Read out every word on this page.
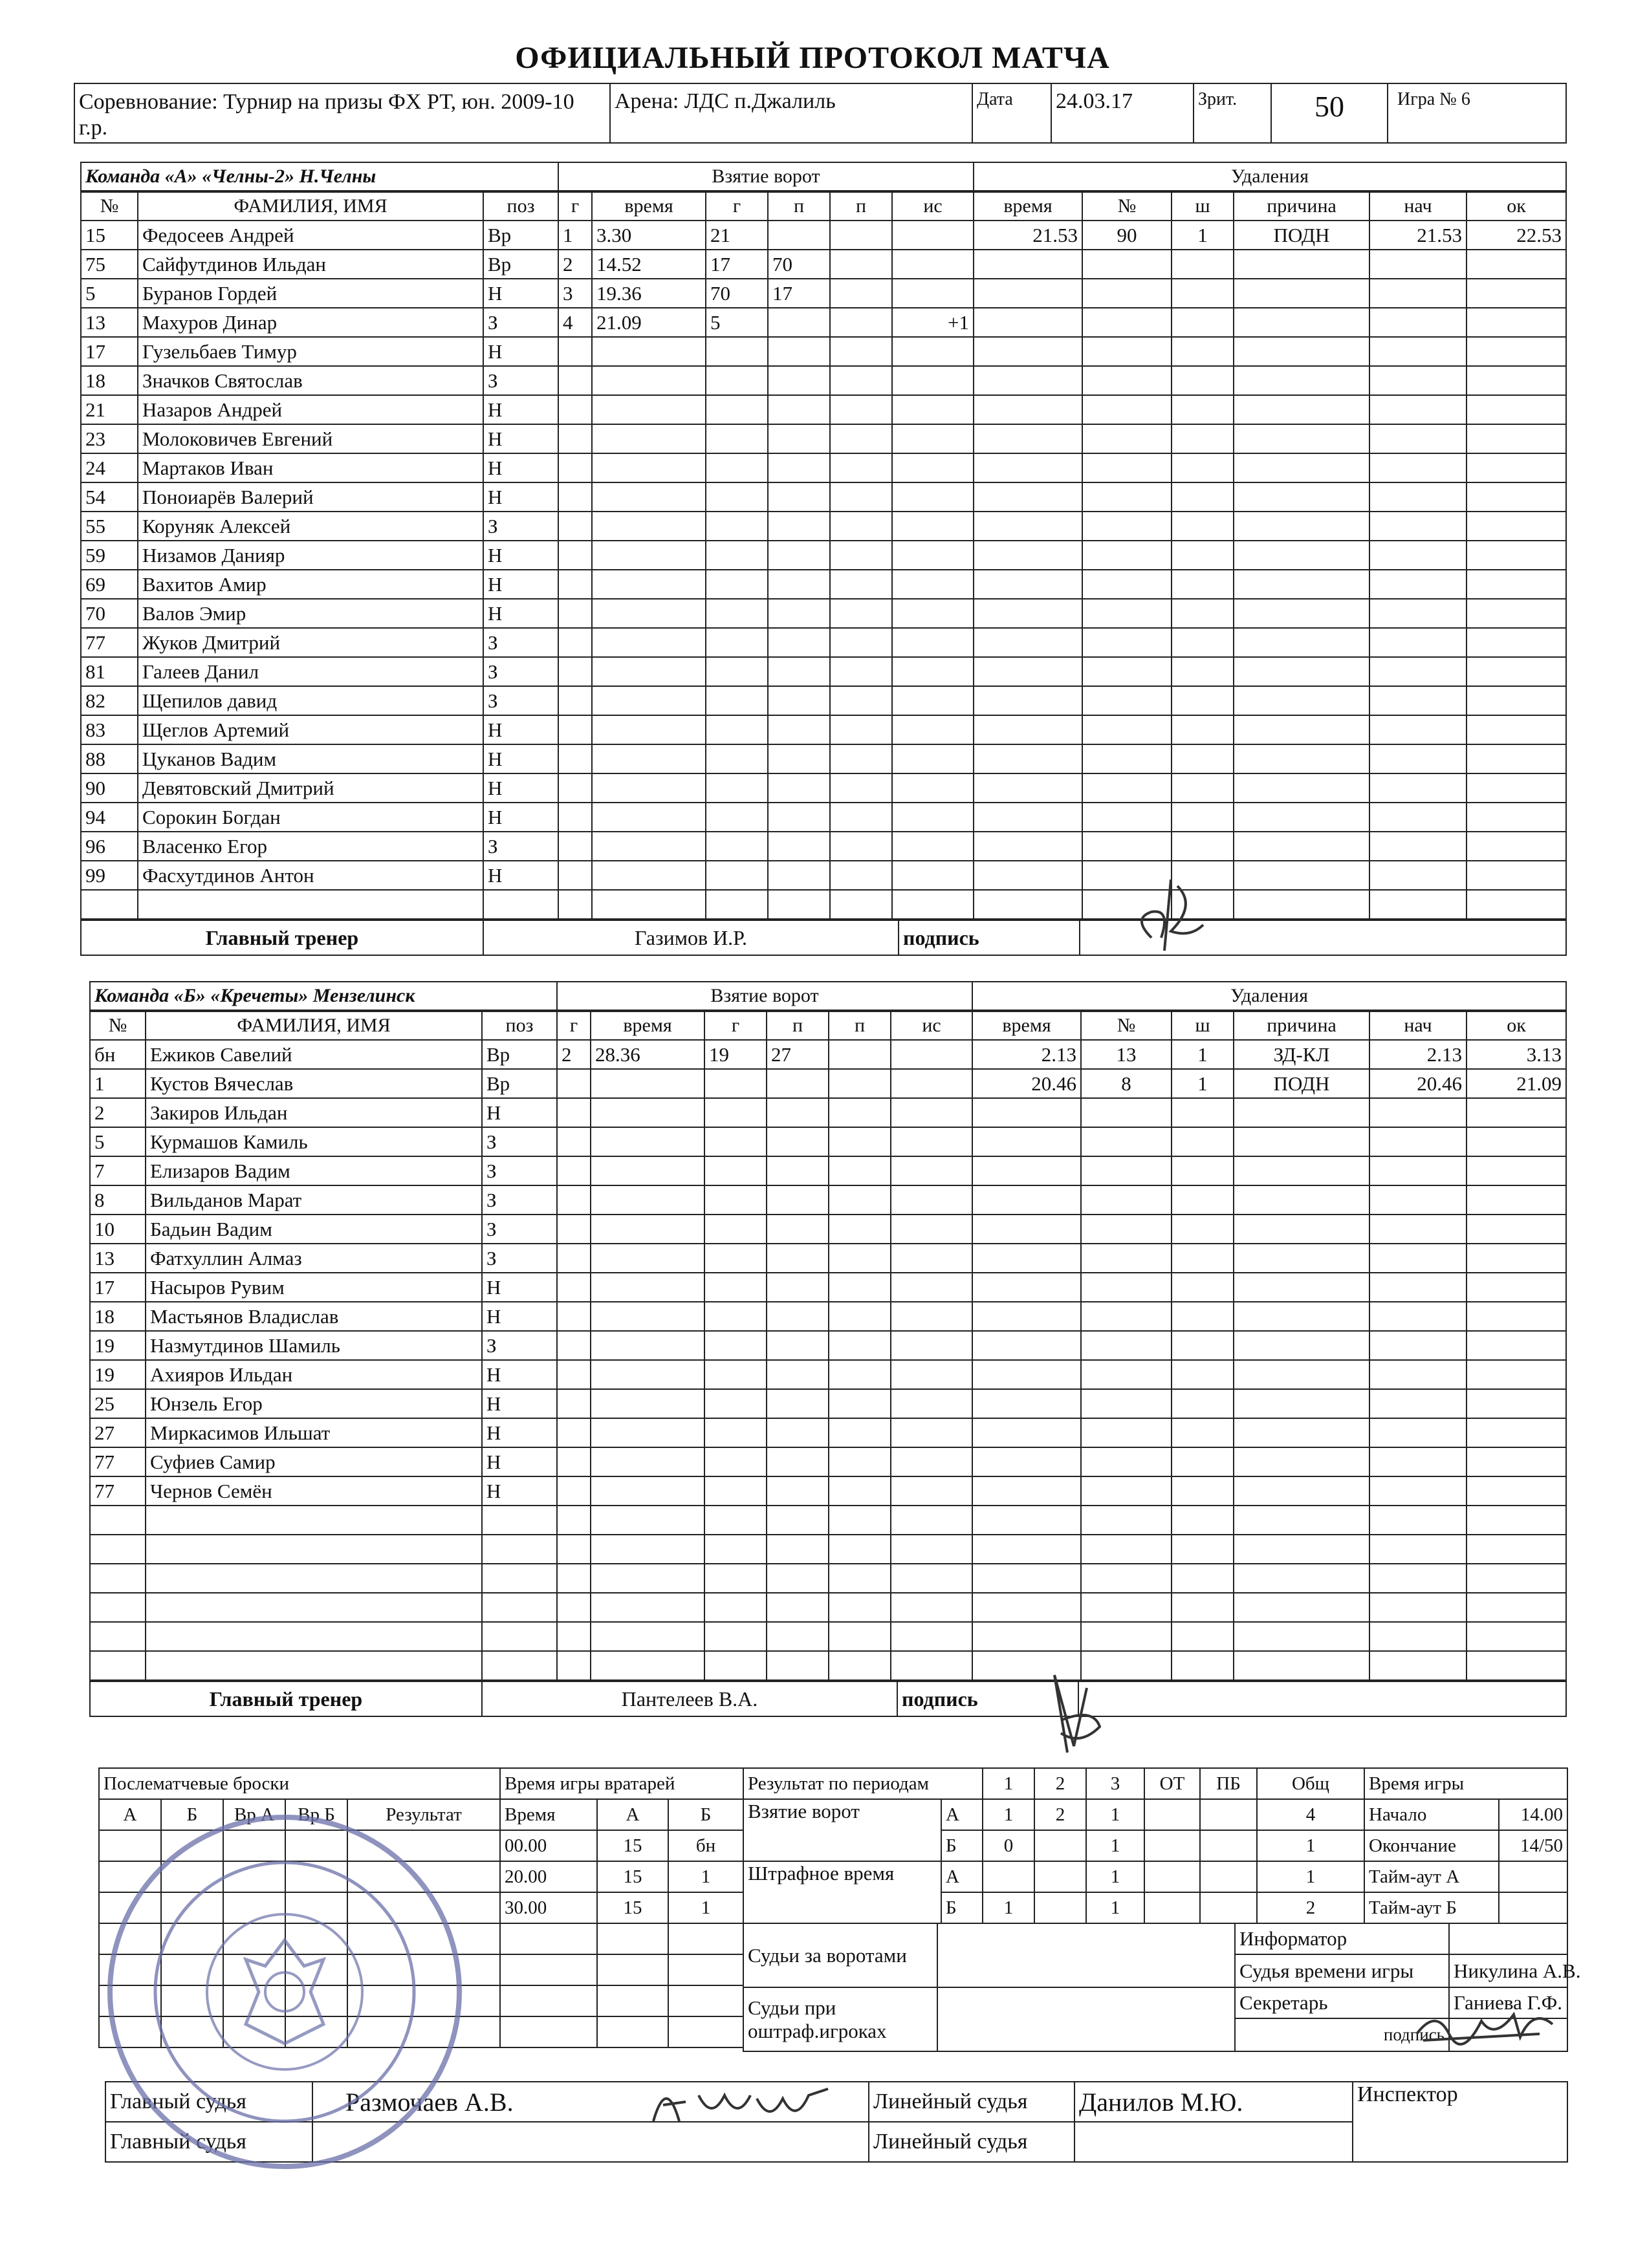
ОФИЦИАЛЬНЫЙ ПРОТОКОЛ МАТЧА
Соревнование: Турнир на призы ФХ РТ, юн. 2009-10 г.р.	Арена: ЛДС п.Джалиль	Дата	24.03.17	Зрит.	50	Игра № 6
Команда «А» «Челны-2» Н.Челны	Взятие ворот	Удаления
№	ФАМИЛИЯ, ИМЯ	поз	г	время	г	п	п	ис	время	№	ш	причина	нач	ок
15	Федосеев Андрей	Вр	1	3.30	21				21.53	90	1	ПОДН	21.53	22.53
75	Сайфутдинов Ильдан	Вр	2	14.52	17	70								
5	Буранов Гордей	Н	3	19.36	70	17								
13	Махуров Динар	З	4	21.09	5			+1						
17	Гузельбаев Тимур	Н												
18	Значков Святослав	З												
21	Назаров Андрей	Н												
23	Молоковичев Евгений	Н												
24	Мартаков Иван	Н												
54	Поноиарёв Валерий	Н												
55	Коруняк Алексей	З												
59	Низамов Данияр	Н												
69	Вахитов Амир	Н												
70	Валов Эмир	Н												
77	Жуков Дмитрий	З												
81	Галеев Данил	З												
82	Щепилов давид	З												
83	Щеглов Артемий	Н												
88	Цуканов Вадим	Н												
90	Девятовский Дмитрий	Н												
94	Сорокин Богдан	Н												
96	Власенко Егор	З												
99	Фасхутдинов Антон	Н												

Главный тренер	Газимов И.Р.	подпись	
Команда «Б» «Кречеты» Мензелинск	Взятие ворот	Удаления
№	ФАМИЛИЯ, ИМЯ	поз	г	время	г	п	п	ис	время	№	ш	причина	нач	ок
бн	Ежиков Савелий	Вр	2	28.36	19	27			2.13	13	1	ЗД-КЛ	2.13	3.13
1	Кустов Вячеслав	Вр							20.46	8	1	ПОДН	20.46	21.09
2	Закиров Ильдан	Н												
5	Курмашов Камиль	З												
7	Елизаров Вадим	З												
8	Вильданов Марат	З												
10	Бадьин Вадим	З												
13	Фатхуллин Алмаз	З												
17	Насыров Рувим	Н												
18	Мастьянов Владислав	Н												
19	Назмутдинов Шамиль	З												
19	Ахияров Ильдан	Н												
25	Юнзель Егор	Н												
27	Миркасимов Ильшат	Н												
77	Суфиев Самир	Н												
77	Чернов Семён	Н												

Главный тренер	Пантелеев В.А.	подпись	
Послематчевые броски				
А	Б	Вр А	Вр Б	Результат

Время игры вратарей		
Время	А	Б
00.00	15	бн
20.00	15	1
30.00	15	1

Результат по периодам		1	2	3	ОТ	ПБ	Общ
Взятие ворот	А	1	2	1			4
	Б	0		1			1
Штрафное время	А			1			1
	Б	1		1			2
Время игры	
Начало	14.00
Окончание	14/50
Тайм-аут А	
Тайм-аут Б	
Судьи за воротами		
Информатор	
Судья времени игры	Никулина А.В.

Судьи при оштраф.игроках		
Секретарь	Ганиева Г.Ф.
подпись	
Главный судья	Размочаев А.В.	Линейный судья	Данилов М.Ю.	Инспектор
Главный судья		Линейный судья		
